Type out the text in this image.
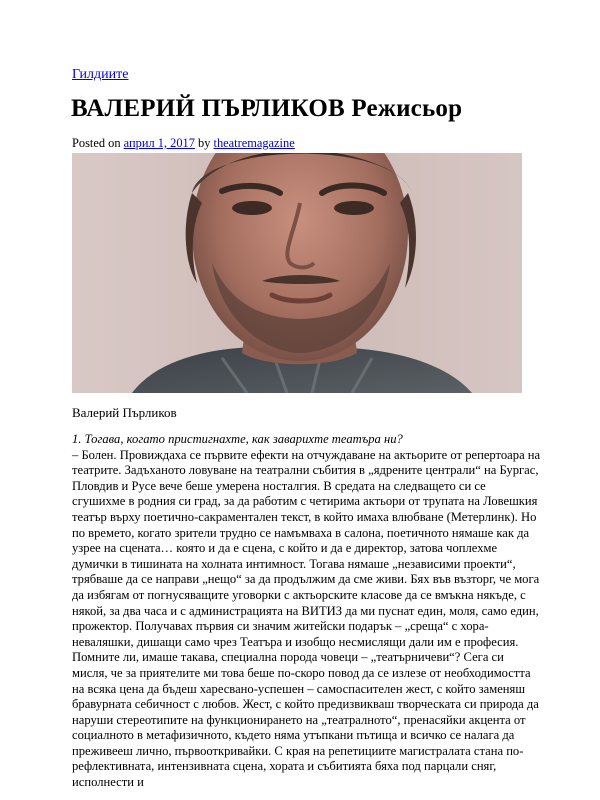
Гилдиите
ВАЛЕРИЙ ПЪРЛИКОВ Режисьор
Posted on април 1, 2017 by theatremagazine
Валерий Пърликов

1. Тогава, когато пристигнахте, как заварихте театъра ни?

– Болен. Провиждаха се първите ефекти на отчуждаване на актьорите от репертоара на театрите. Задъханото ловуване на театрални събития в „ядрените централи“ на Бургас, Пловдив и Русе вече беше умерена носталгия. В средата на следващето си се сгушихме в родния си град, за да работим с четирима актьори от трупата на Ловешкия театър върху поетично-сакраментален текст, в който имаха влюбване (Метерлинк). Но по времето, когато зрители трудно се намъмваха в салона, поетичното нямаше как да узрее на сцената… която и да е сцена, с който и да е директор, затова чоплехме думички в тишината на холната интимност. Тогава нямаше „независими проекти“, трябваше да се направи „нещо“ за да продължим да сме живи. Бях във възторг, че мога да избягам от погнусяващите уговорки с актьорските класове да се вмъкна някъде, с някой, за два часа и с администрацията на ВИТИЗ да ми пуснат един, моля, само един, прожектор. Получавах първия си значим житейски подарък – „среща“ с хора-неваляшки, дишащи само чрез Театъра и изобщо несмислящи дали им е професия. Помните ли, имаше такава, специална порода човеци – „театърничеви“? Сега си мисля, че за приятелите ми това беше по-скоро повод да се излезе от необходимостта на всяка цена да бъдеш харесвано-успешен – самоспасителен жест, с който заменяш бравурната себичност с любов. Жест, с който предизвикваш творческата си природа да наруши стереотипите на функционирането на „театралното“, пренасяйки акцента от социалното в метафизичното, където няма утъпкани пътища и всичко се налага да преживееш лично, първооткривайки. С края на репетициите магистралата стана по-рефлективната, интензивната сцена, хората и събитията бяха под парцали сняг, исполнести и
